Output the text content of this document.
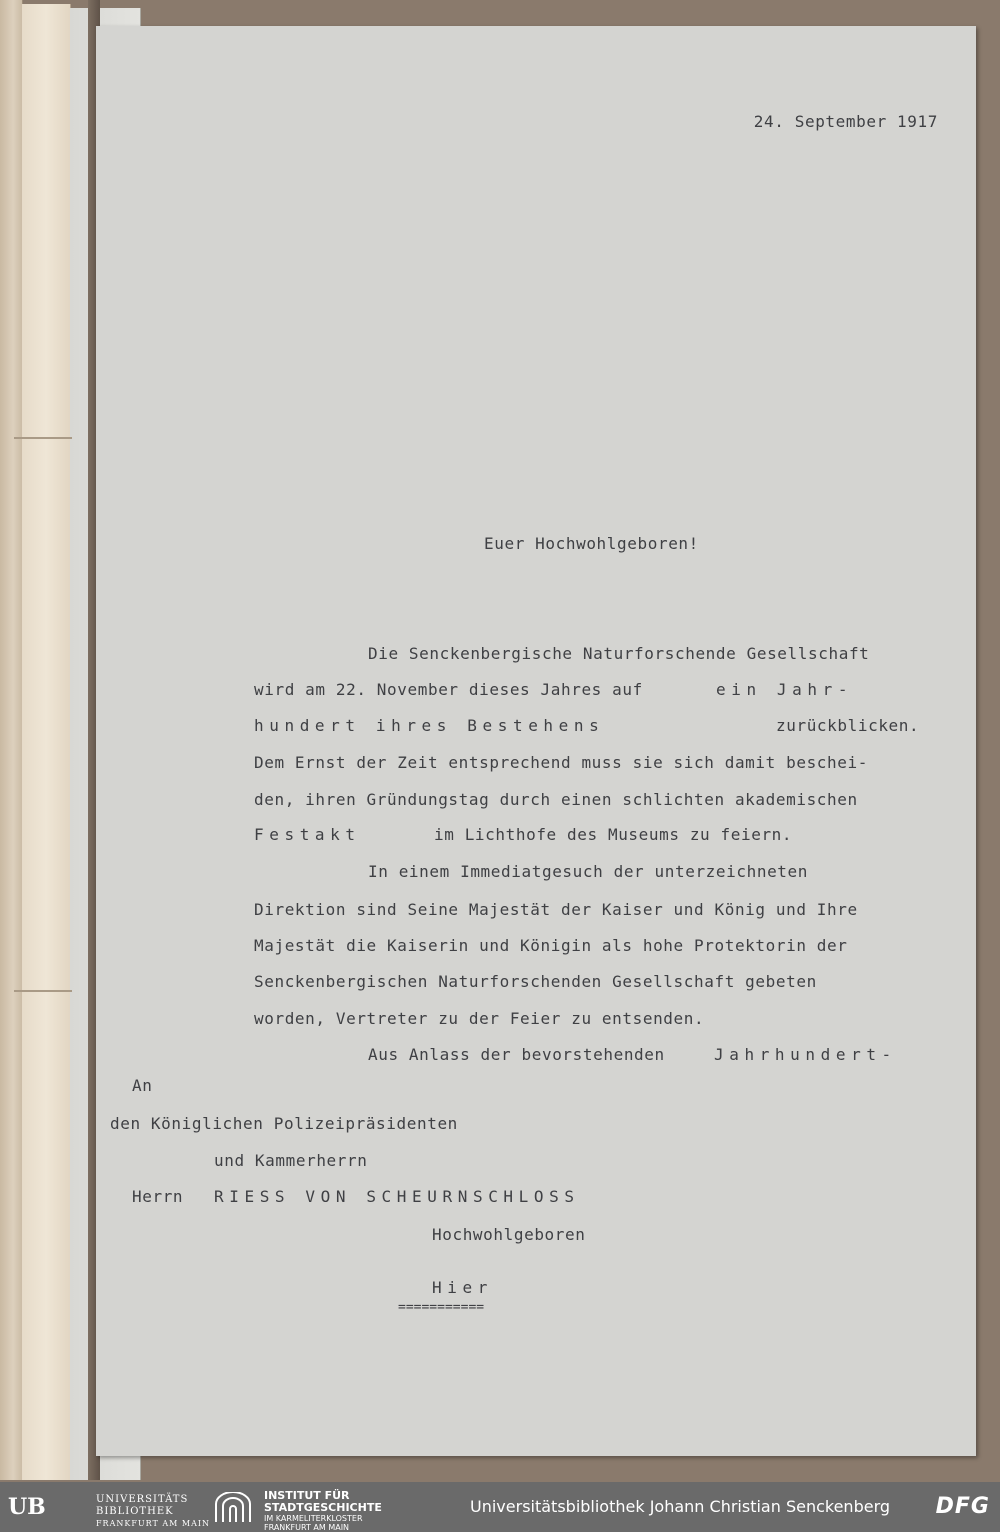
24. September 1917

Euer Hochwohlgeboren!

Die Senckenbergische Naturforschende Gesellschaft

wird am 22. November dieses Jahres auf	ein Jahr-

hundert ihres Bestehens	zurückblicken.

Dem Ernst der Zeit entsprechend muss sie sich damit beschei-

den, ihren Gründungstag durch einen schlichten akademischen

Festakt	im Lichthofe des Museums zu feiern.

In einem Immediatgesuch der unterzeichneten

Direktion sind Seine Majestät der Kaiser und König und Ihre

Majestät die Kaiserin und Königin als hohe Protektorin der

Senckenbergischen Naturforschenden Gesellschaft gebeten

worden, Vertreter zu der Feier zu entsenden.

Aus Anlass der bevorstehenden	Jahrhundert-

An

den Königlichen Polizeipräsidenten

und Kammerherrn

Herrn RIESS VON SCHEURNSCHLOSS

Hochwohlgeboren

Hier

===========

UB	UNIVERSITÄTS
BIBLIOTHEK
FRANKFURT AM MAIN
INSTITUT FÜR
STADTGESCHICHTE
IM KARMELITERKLOSTER
FRANKFURT AM MAIN
Universitätsbibliothek Johann Christian Senckenberg DFG
